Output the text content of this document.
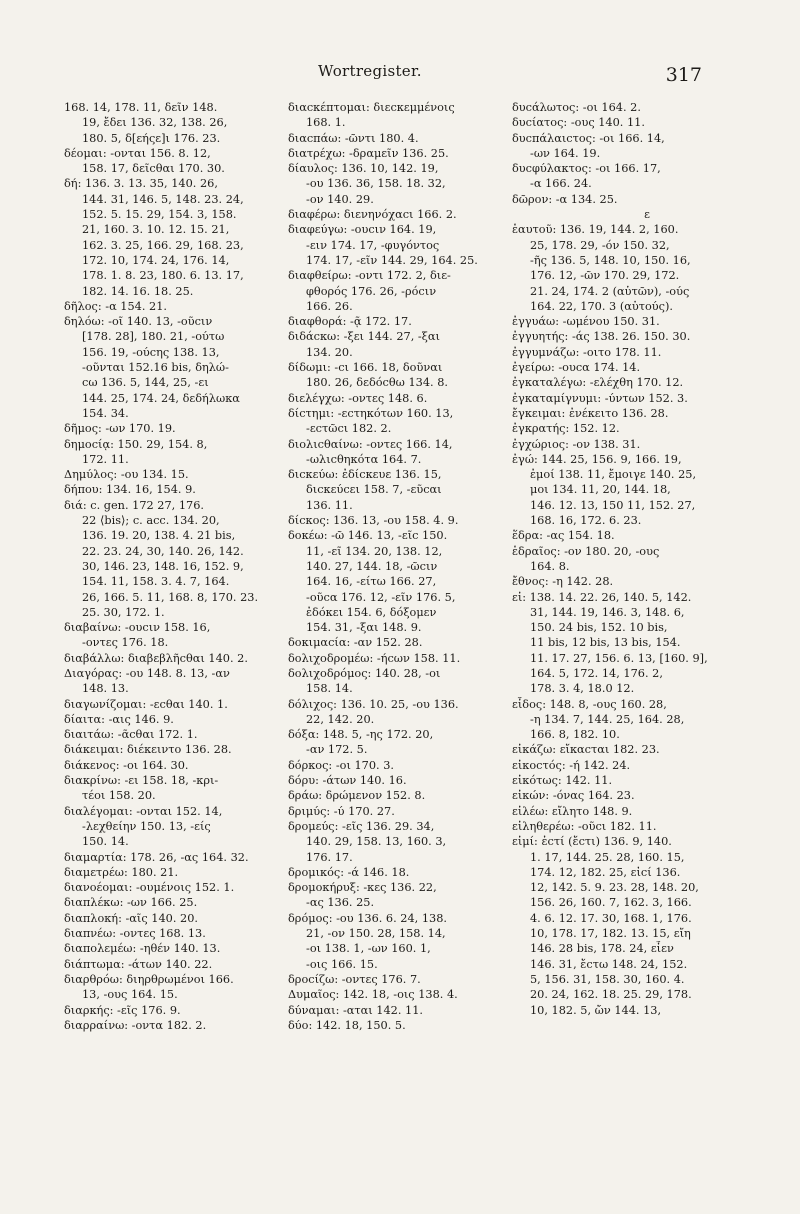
Wortregister.	317
168. 14, 178. 11, δεῖν 148.
19, ἔδει 136. 32, 138. 26,
180. 5, δ[εήςε]ι 176. 23.
δέομαι: -ονται 156. 8. 12,
158. 17, δεῖϲθαι 170. 30.
δή: 136. 3. 13. 35, 140. 26,
144. 31, 146. 5, 148. 23. 24,
152. 5. 15. 29, 154. 3, 158.
21, 160. 3. 10. 12. 15. 21,
162. 3. 25, 166. 29, 168. 23,
172. 10, 174. 24, 176. 14,
178. 1. 8. 23, 180. 6. 13. 17,
182. 14. 16. 18. 25.
δῆλος: -α 154. 21.
δηλόω: -οῖ 140. 13, -οῦϲιν
[178. 28], 180. 21, -ούτω
156. 19, -ούϲης 138. 13,
-οῦνται 152.16 bis, δηλώ-
ϲω 136. 5, 144, 25, -ει
144. 25, 174. 24, δεδήλωκα
154. 34.
δῆμος: -ων 170. 19.
δημοϲίᾳ: 150. 29, 154. 8,
172. 11.
Δημύλος: -ου 134. 15.
δήπου: 134. 16, 154. 9.
διά: c. gen. 172 27, 176.
22 ⟨bis⟩; c. acc. 134. 20,
136. 19. 20, 138. 4. 21 bis,
22. 23. 24, 30, 140. 26, 142.
30, 146. 23, 148. 16, 152. 9,
154. 11, 158. 3. 4. 7, 164.
26, 166. 5. 11, 168. 8, 170. 23.
25. 30, 172. 1.
διαβαίνω: -ουϲιν 158. 16,
-οντες 176. 18.
διαβάλλω: διαβεβλῆϲθαι 140. 2.
Διαγόρας: -ου 148. 8. 13, -αν
148. 13.
διαγωνίζομαι: -εϲθαι 140. 1.
δίαιτα: -αις 146. 9.
διαιτάω: -ᾶϲθαι 172. 1.
διάκειμαι: διέκειντο 136. 28.
διάκενος: -οι 164. 30.
διακρίνω: -ει 158. 18, -κρι-
τέοι 158. 20.
διαλέγομαι: -ονται 152. 14,
-λεχθείην 150. 13, -είς
150. 14.
διαμαρτία: 178. 26, -ας 164. 32.
διαμετρέω: 180. 21.
διανοέομαι: -ουμένοις 152. 1.
διαπλέκω: -ων 166. 25.
διαπλοκή: -αῖς 140. 20.
διαπνέω: -οντες 168. 13.
διαπολεμέω: -ηθέν 140. 13.
διάπτωμα: -άτων 140. 22.
διαρθρόω: διηρθρωμένοι 166.
13, -ους 164. 15.
διαρκής: -εῖς 176. 9.
διαρραίνω: -οντα 182. 2.
διαϲκέπτομαι: διεϲκεμμένοις
168. 1.
διαϲπάω: -ῶντι 180. 4.
διατρέχω: -δραμεῖν 136. 25.
δίαυλος: 136. 10, 142. 19,
-ου 136. 36, 158. 18. 32,
-ον 140. 29.
διαφέρω: διενηνόχαϲι 166. 2.
διαφεύγω: -ουϲιν 164. 19,
-ειν 174. 17, -φυγόντος
174. 17, -εῖν 144. 29, 164. 25.
διαφθείρω: -οντι 172. 2, διε-
φθορός 176. 26, -ρόϲιν
166. 26.
διαφθορά: -ᾷ 172. 17.
διδάϲκω: -ξει 144. 27, -ξαι
134. 20.
δίδωμι: -ϲι 166. 18, δοῦναι
180. 26, δεδόϲθω 134. 8.
διελέγχω: -οντες 148. 6.
δίϲτημι: -εϲτηκότων 160. 13,
-εϲτῶϲι 182. 2.
διολιϲθαίνω: -οντες 166. 14,
-ωλιϲθηκότα 164. 7.
διϲκεύω: ἐδίϲκευε 136. 15,
διϲκεύϲει 158. 7, -εῦϲαι
136. 11.
δίϲκος: 136. 13, -ου 158. 4. 9.
δοκέω: -ῶ 146. 13, -εῖϲ 150.
11, -εῖ 134. 20, 138. 12,
140. 27, 144. 18, -ῶϲιν
164. 16, -είτω 166. 27,
-οῦϲα 176. 12, -εῖν 176. 5,
ἐδόκει 154. 6, δόξομεν
154. 31, -ξαι 148. 9.
δοκιμαϲία: -αν 152. 28.
δολιχοδρομέω: -ήϲων 158. 11.
δολιχοδρόμος: 140. 28, -οι
158. 14.
δόλιχος: 136. 10. 25, -ου 136.
22, 142. 20.
δόξα: 148. 5, -ης 172. 20,
-αν 172. 5.
δόρκος: -οι 170. 3.
δόρυ: -άτων 140. 16.
δράω: δρώμενον 152. 8.
δριμύς: -ύ 170. 27.
δρομεύς: -εῖς 136. 29. 34,
140. 29, 158. 13, 160. 3,
176. 17.
δρομικός: -ά 146. 18.
δρομοκήρυξ: -κες 136. 22,
-ας 136. 25.
δρόμος: -ου 136. 6. 24, 138.
21, -ον 150. 28, 158. 14,
-οι 138. 1, -ων 160. 1,
-οις 166. 15.
δροϲίζω: -οντες 176. 7.
Δυμαῖος: 142. 18, -οις 138. 4.
δύναμαι: -αται 142. 11.
δύο: 142. 18, 150. 5.
δυϲάλωτος: -οι 164. 2.
δυϲίατος: -ους 140. 11.
δυϲπάλαιϲτος: -οι 166. 14,
-ων 164. 19.
δυϲφύλακτος: -οι 166. 17,
-α 166. 24.
δῶρον: -α 134. 25.
ε
ἑαυτοῦ: 136. 19, 144. 2, 160.
25, 178. 29, -όν 150. 32,
-ῆς 136. 5, 148. 10, 150. 16,
176. 12, -ῶν 170. 29, 172.
21. 24, 174. 2 (αὑτῶν), -ούς
164. 22, 170. 3 (αὑτούς).
ἐγγυάω: -ωμένου 150. 31.
ἐγγυητής: -άς 138. 26. 150. 30.
ἐγγυμνάζω: -οιτο 178. 11.
ἐγείρω: -ουϲα 174. 14.
ἐγκαταλέγω: -ελέχθη 170. 12.
ἐγκαταμίγνυμι: -ύντων 152. 3.
ἔγκειμαι: ἐνέκειτο 136. 28.
ἐγκρατής: 152. 12.
ἐγχώριος: -ον 138. 31.
ἐγώ: 144. 25, 156. 9, 166. 19,
ἐμοί 138. 11, ἔμοιγε 140. 25,
μοι 134. 11, 20, 144. 18,
146. 12. 13, 150 11, 152. 27,
168. 16, 172. 6. 23.
ἕδρα: -ας 154. 18.
ἑδραῖος: -ον 180. 20, -ους
164. 8.
ἔθνος: -η 142. 28.
εἰ: 138. 14. 22. 26, 140. 5, 142.
31, 144. 19, 146. 3, 148. 6,
150. 24 bis, 152. 10 bis,
11 bis, 12 bis, 13 bis, 154.
11. 17. 27, 156. 6. 13, [160. 9],
164. 5, 172. 14, 176. 2,
178. 3. 4, 18.0 12.
εἶδος: 148. 8, -ους 160. 28,
-η 134. 7, 144. 25, 164. 28,
166. 8, 182. 10.
εἰκάζω: εἴκαϲται 182. 23.
εἰκοϲτός: -ή 142. 24.
εἰκότως: 142. 11.
εἰκών: -όνας 164. 23.
εἰλέω: εἴλητο 148. 9.
εἰληθερέω: -οῦϲι 182. 11.
εἰμί: ἐϲτί (ἔϲτι) 136. 9, 140.
1. 17, 144. 25. 28, 160. 15,
174. 12, 182. 25, εἰϲί 136.
12, 142. 5. 9. 23. 28, 148. 20,
156. 26, 160. 7, 162. 3, 166.
4. 6. 12. 17. 30, 168. 1, 176.
10, 178. 17, 182. 13. 15, εἴη
146. 28 bis, 178. 24, εἶεν
146. 31, ἔϲτω 148. 24, 152.
5, 156. 31, 158. 30, 160. 4.
20. 24, 162. 18. 25. 29, 178.
10, 182. 5, ὤν 144. 13,
